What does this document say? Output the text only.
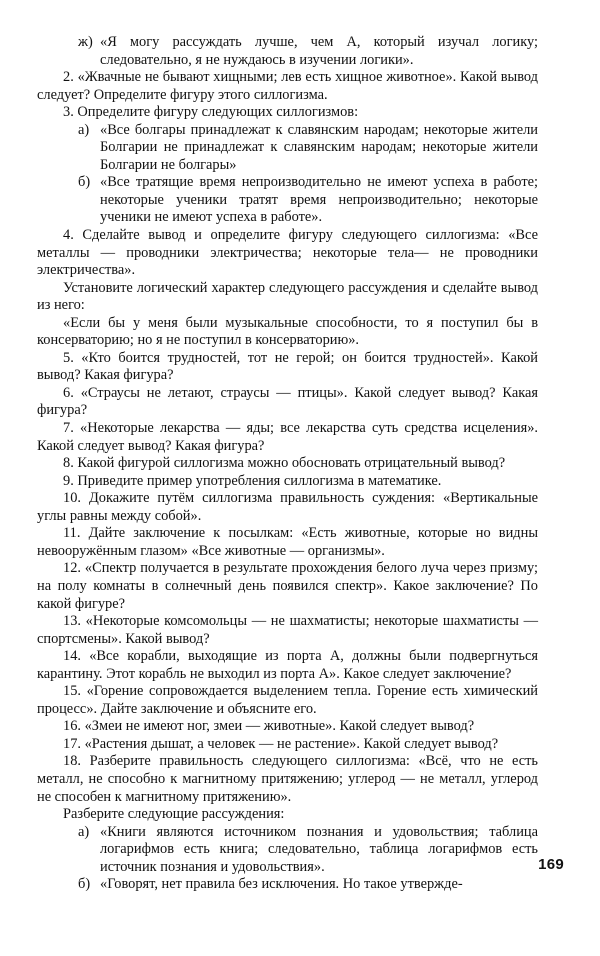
ж) «Я могу рассуждать лучше, чем А, который изучал логику; следовательно, я не нуждаюсь в изучении логики».

2. «Жвачные не бывают хищными; лев есть хищное животное». Какой вывод следует? Определите фигуру этого силлогизма.

3. Определите фигуру следующих силлогизмов:

а) «Все болгары принадлежат к славянским народам; некоторые жители Болгарии не принадлежат к славянским народам; некоторые жители Болгарии не болгары»
б) «Все тратящие время непроизводительно не имеют успеха в работе; некоторые ученики тратят время непроизводительно; некоторые ученики не имеют успеха в работе».

4. Сделайте вывод и определите фигуру следующего силлогизма: «Все металлы — проводники электричества; некоторые тела— не проводники электричества».

Установите логический характер следующего рассуждения и сделайте вывод из него:

«Если бы у меня были музыкальные способности, то я поступил бы в консерваторию; но я не поступил в консерваторию».

5. «Кто боится трудностей, тот не герой; он боится трудностей». Какой вывод? Какая фигура?

6. «Страусы не летают, страусы — птицы». Какой следует вывод? Какая фигура?

7. «Некоторые лекарства — яды; все лекарства суть средства исцеления». Какой следует вывод? Какая фигура?

8. Какой фигурой силлогизма можно обосновать отрицательный вывод?

9. Приведите пример употребления силлогизма в математике.

10. Докажите путём силлогизма правильность суждения: «Вертикальные углы равны между собой».

11. Дайте заключение к посылкам: «Есть животные, которые но видны невооружённым глазом» «Все животные — организмы».

12. «Спектр получается в результате прохождения белого луча через призму; на полу комнаты в солнечный день появился спектр». Какое заключение? По какой фигуре?

13. «Некоторые комсомольцы — не шахматисты; некоторые шахматисты — спортсмены». Какой вывод?

14. «Все корабли, выходящие из порта А, должны были подвергнуться карантину. Этот корабль не выходил из порта А». Какое следует заключение?

15. «Горение сопровождается выделением тепла. Горение есть химический процесс». Дайте заключение и объясните его.

16. «Змеи не имеют ног, змеи — животные». Какой следует вывод?

17. «Растения дышат, а человек — не растение». Какой следует вывод?

18. Разберите правильность следующего силлогизма: «Всё, что не есть металл, не способно к магнитному притяжению; углерод — не металл, углерод не способен к магнитному притяжению».

Разберите следующие рассуждения:

а) «Книги являются источником познания и удовольствия; таблица логарифмов есть книга; следовательно, таблица логарифмов есть источник познания и удовольствия».
б) «Говорят, нет правила без исключения. Но такое утвержде-
169
